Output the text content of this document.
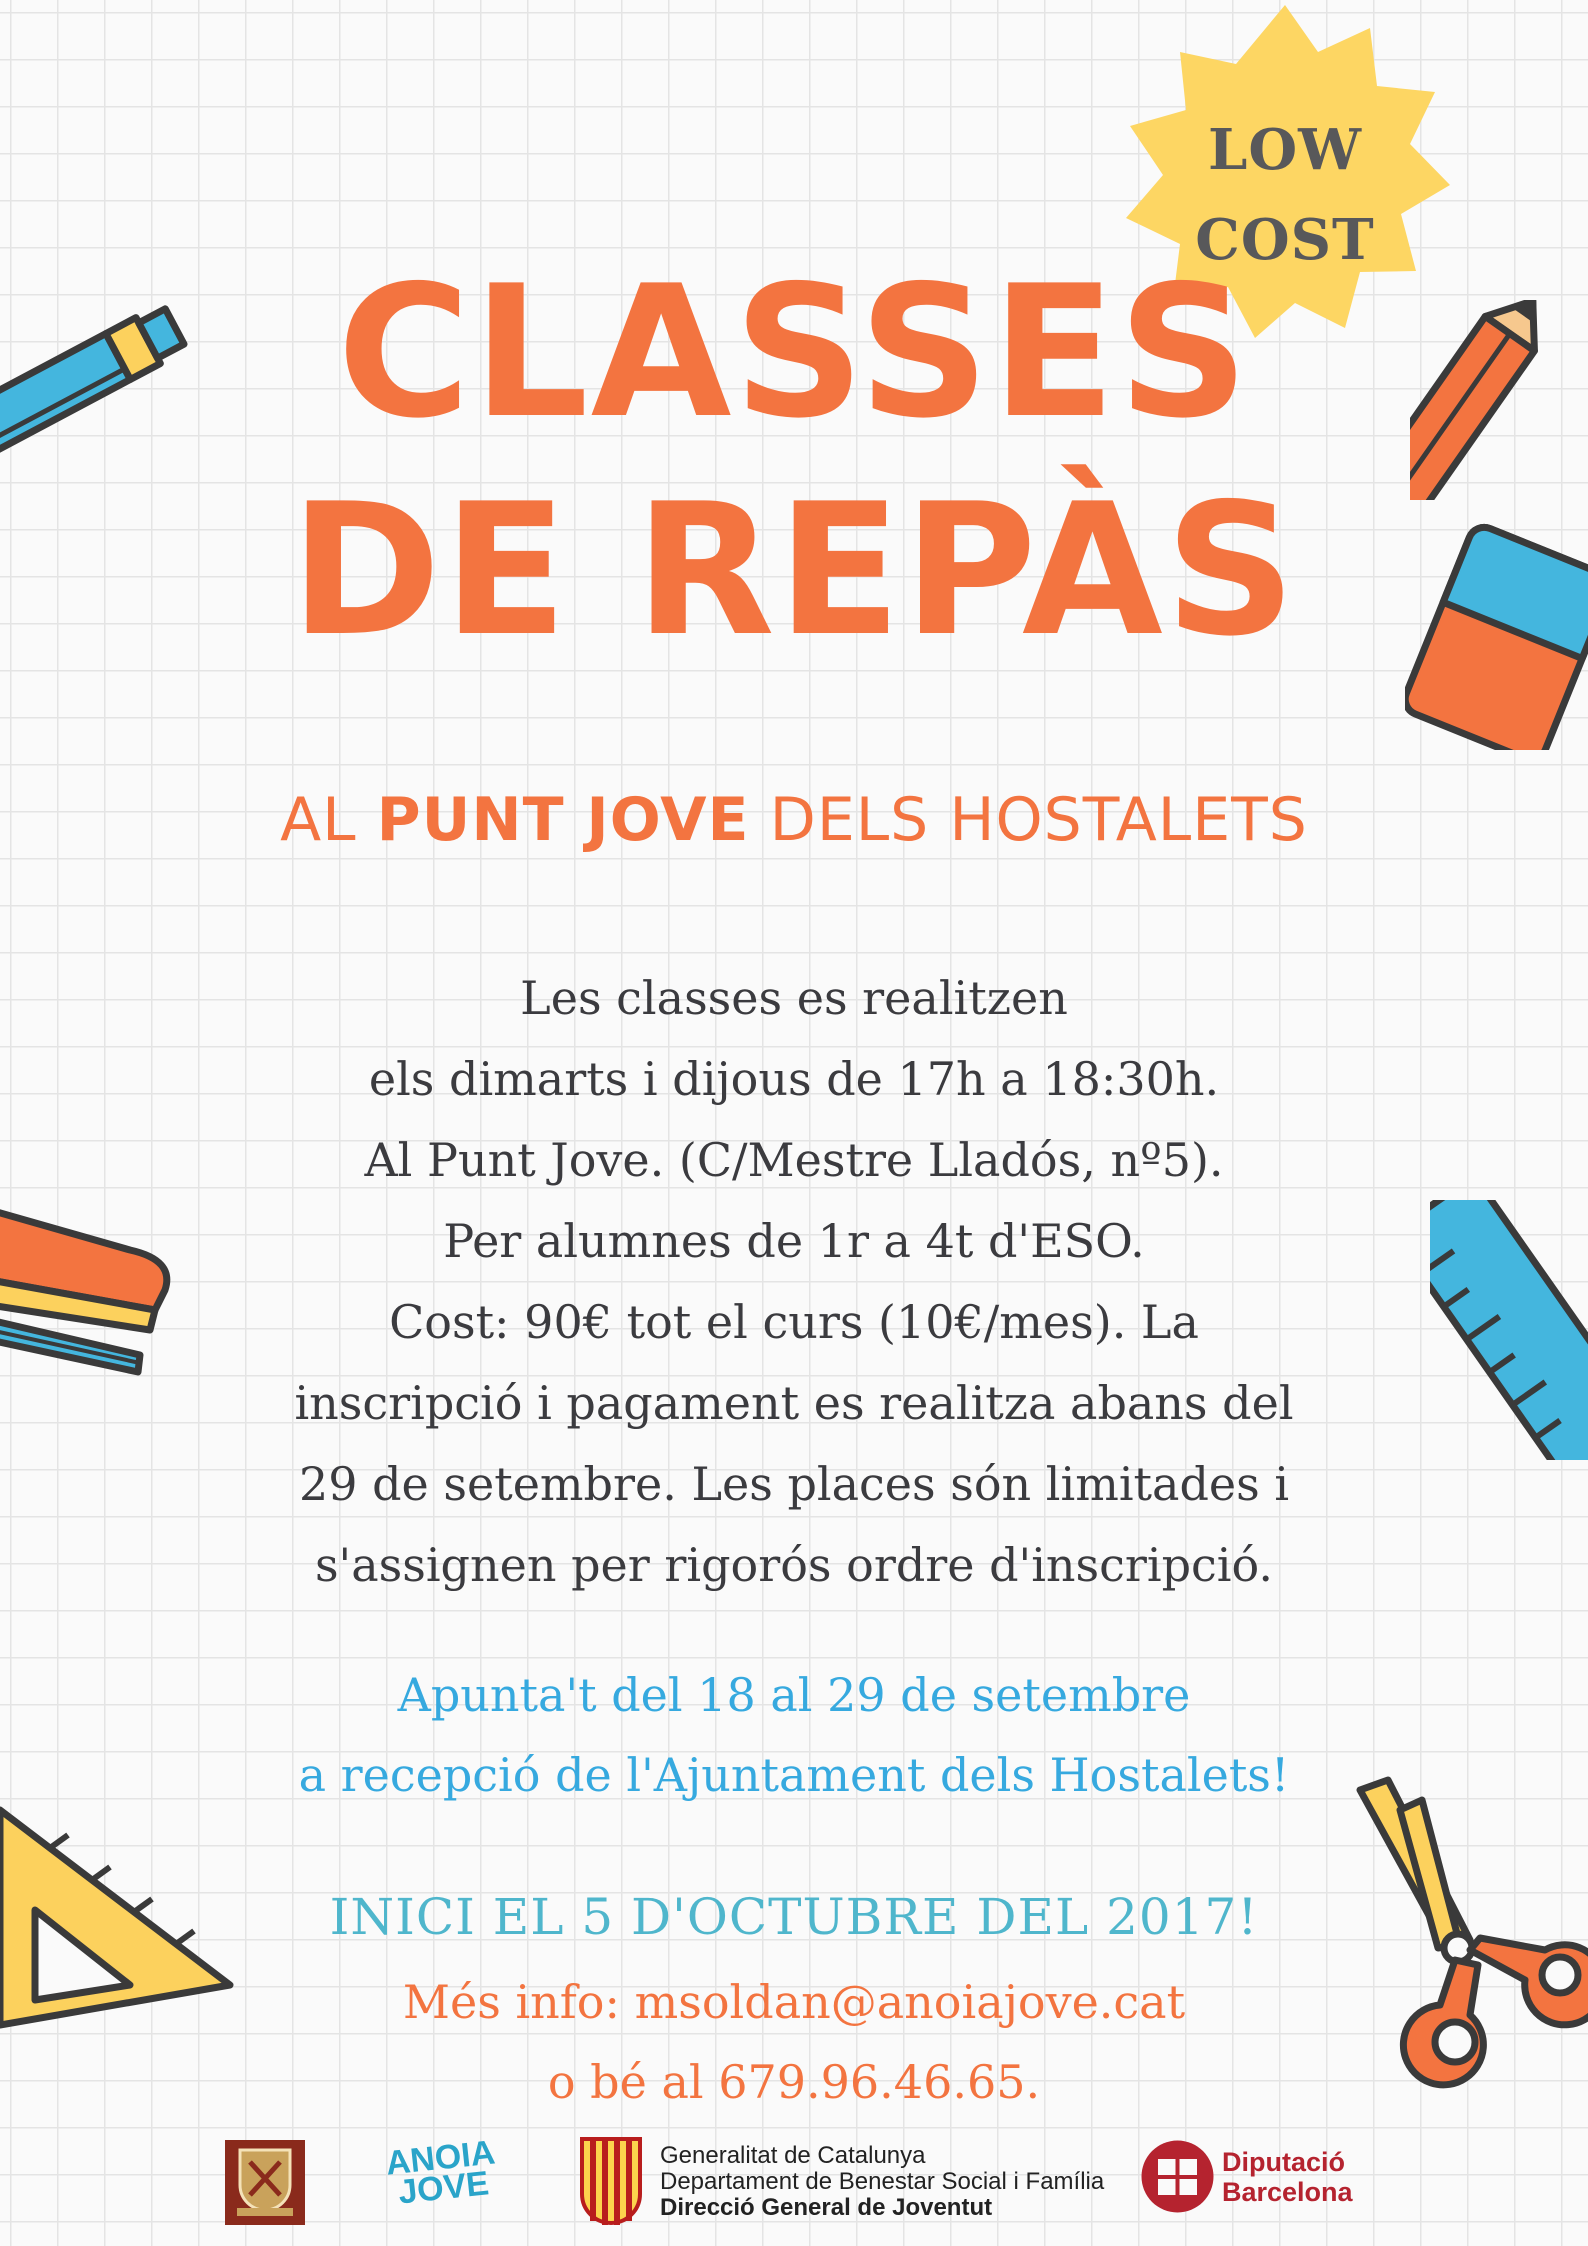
LOW
COST
CLASSES
DE REPÀS
AL PUNT JOVE DELS HOSTALETS
Les classes es realitzen
els dimarts i dijous de 17h a 18:30h.
Al Punt Jove. (C/Mestre Lladós, nº5).
Per alumnes de 1r a 4t d'ESO.
Cost: 90€ tot el curs (10€/mes). La
inscripció i pagament es realitza abans del
29 de setembre. Les places són limitades i
s'assignen per rigorós ordre d'inscripció.
Apunta't del 18 al 29 de setembre
a recepció de l'Ajuntament dels Hostalets!
INICI EL 5 D'OCTUBRE DEL 2017!
Més info: msoldan@anoiajove.cat
o bé al 679.96.46.65.
ANOIA JOVE
Generalitat de Catalunya
Departament de Benestar Social i Família
Direcció General de Joventut
Diputació
Barcelona
